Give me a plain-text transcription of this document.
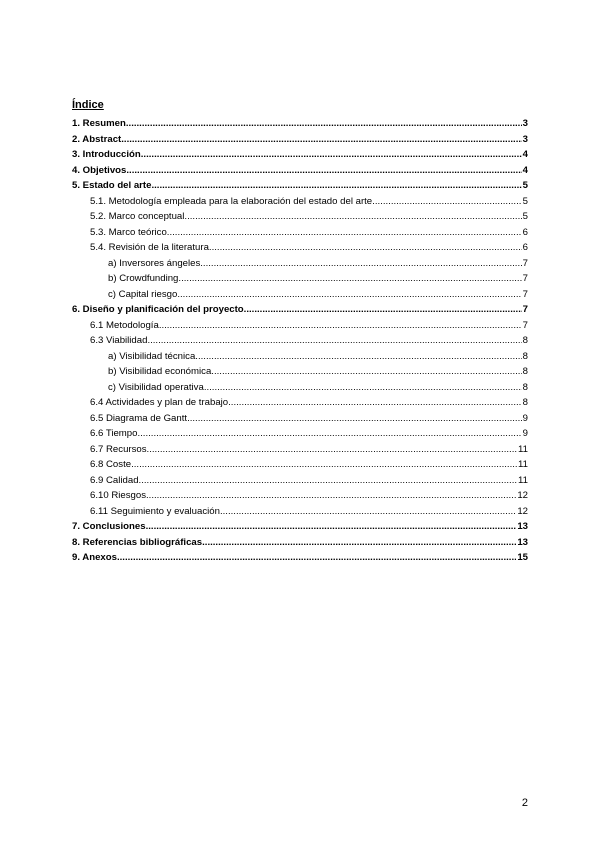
Índice
1. Resumen .....	3
2. Abstract .....	3
3. Introducción .....	4
4. Objetivos .....	4
5. Estado del arte .....	5
5.1. Metodología empleada para la elaboración del estado del arte .....	5
5.2. Marco conceptual .....	5
5.3. Marco teórico .....	6
5.4. Revisión de la literatura .....	6
a) Inversores ángeles .....	7
b) Crowdfunding .....	7
c) Capital riesgo .....	7
6. Diseño y planificación del proyecto .....	7
6.1 Metodología .....	7
6.3 Viabilidad .....	8
a) Visibilidad técnica .....	8
b) Visibilidad económica .....	8
c) Visibilidad operativa .....	8
6.4 Actividades y plan de trabajo .....	8
6.5 Diagrama de Gantt .....	9
6.6 Tiempo .....	9
6.7 Recursos .....	11
6.8 Coste .....	11
6.9 Calidad .....	11
6.10 Riesgos .....	12
6.11 Seguimiento y evaluación .....	12
7. Conclusiones .....	13
8. Referencias bibliográficas .....	13
9. Anexos .....	15
2
